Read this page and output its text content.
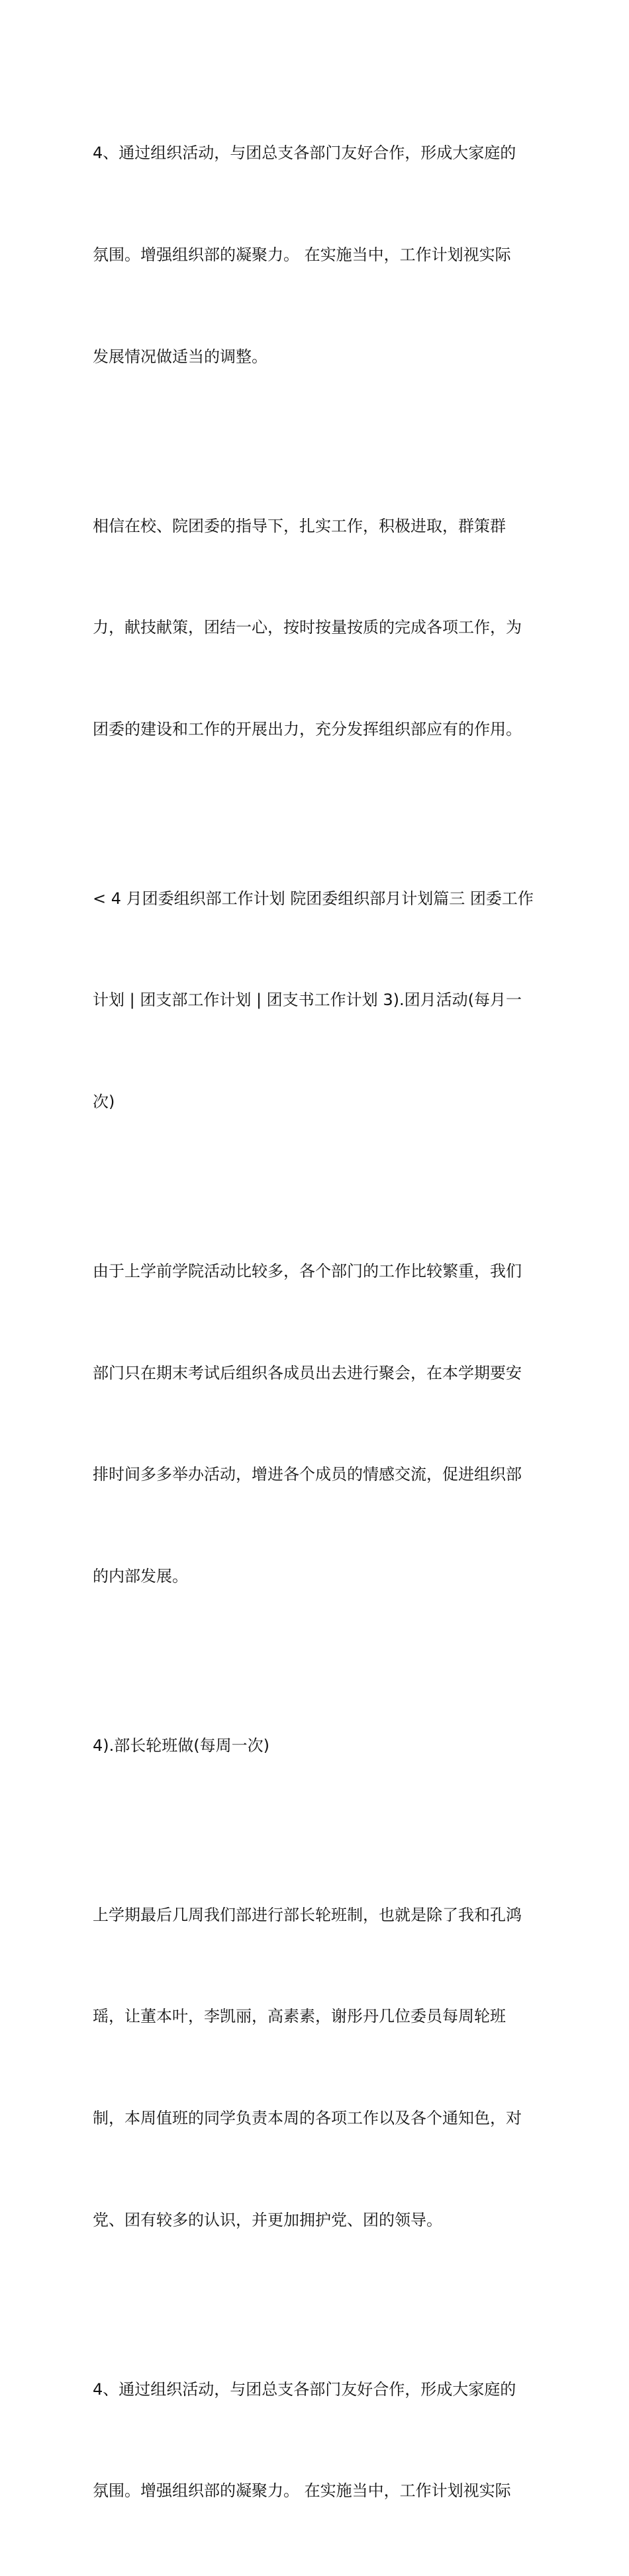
4、通过组织活动，与团总支各部门友好合作，形成大家庭的

氛围。增强组织部的凝聚力。 在实施当中，工作计划视实际

发展情况做适当的调整。

相信在校、院团委的指导下，扎实工作，积极进取，群策群

力，献技献策，团结一心，按时按量按质的完成各项工作，为

团委的建设和工作的开展出力，充分发挥组织部应有的作用。

< 4 月团委组织部工作计划 院团委组织部月计划篇三 团委工作

计划 | 团支部工作计划 | 团支书工作计划 3).团月活动(每月一

次)

由于上学前学院活动比较多，各个部门的工作比较繁重，我们

部门只在期末考试后组织各成员出去进行聚会，在本学期要安

排时间多多举办活动，增进各个成员的情感交流，促进组织部

的内部发展。

4).部长轮班做(每周一次)

上学期最后几周我们部进行部长轮班制，也就是除了我和孔鸿

瑶，让董本叶，李凯丽，高素素，谢彤丹几位委员每周轮班

制，本周值班的同学负责本周的各项工作以及各个通知色，对

党、团有较多的认识，并更加拥护党、团的领导。

4、通过组织活动，与团总支各部门友好合作，形成大家庭的

氛围。增强组织部的凝聚力。 在实施当中，工作计划视实际
